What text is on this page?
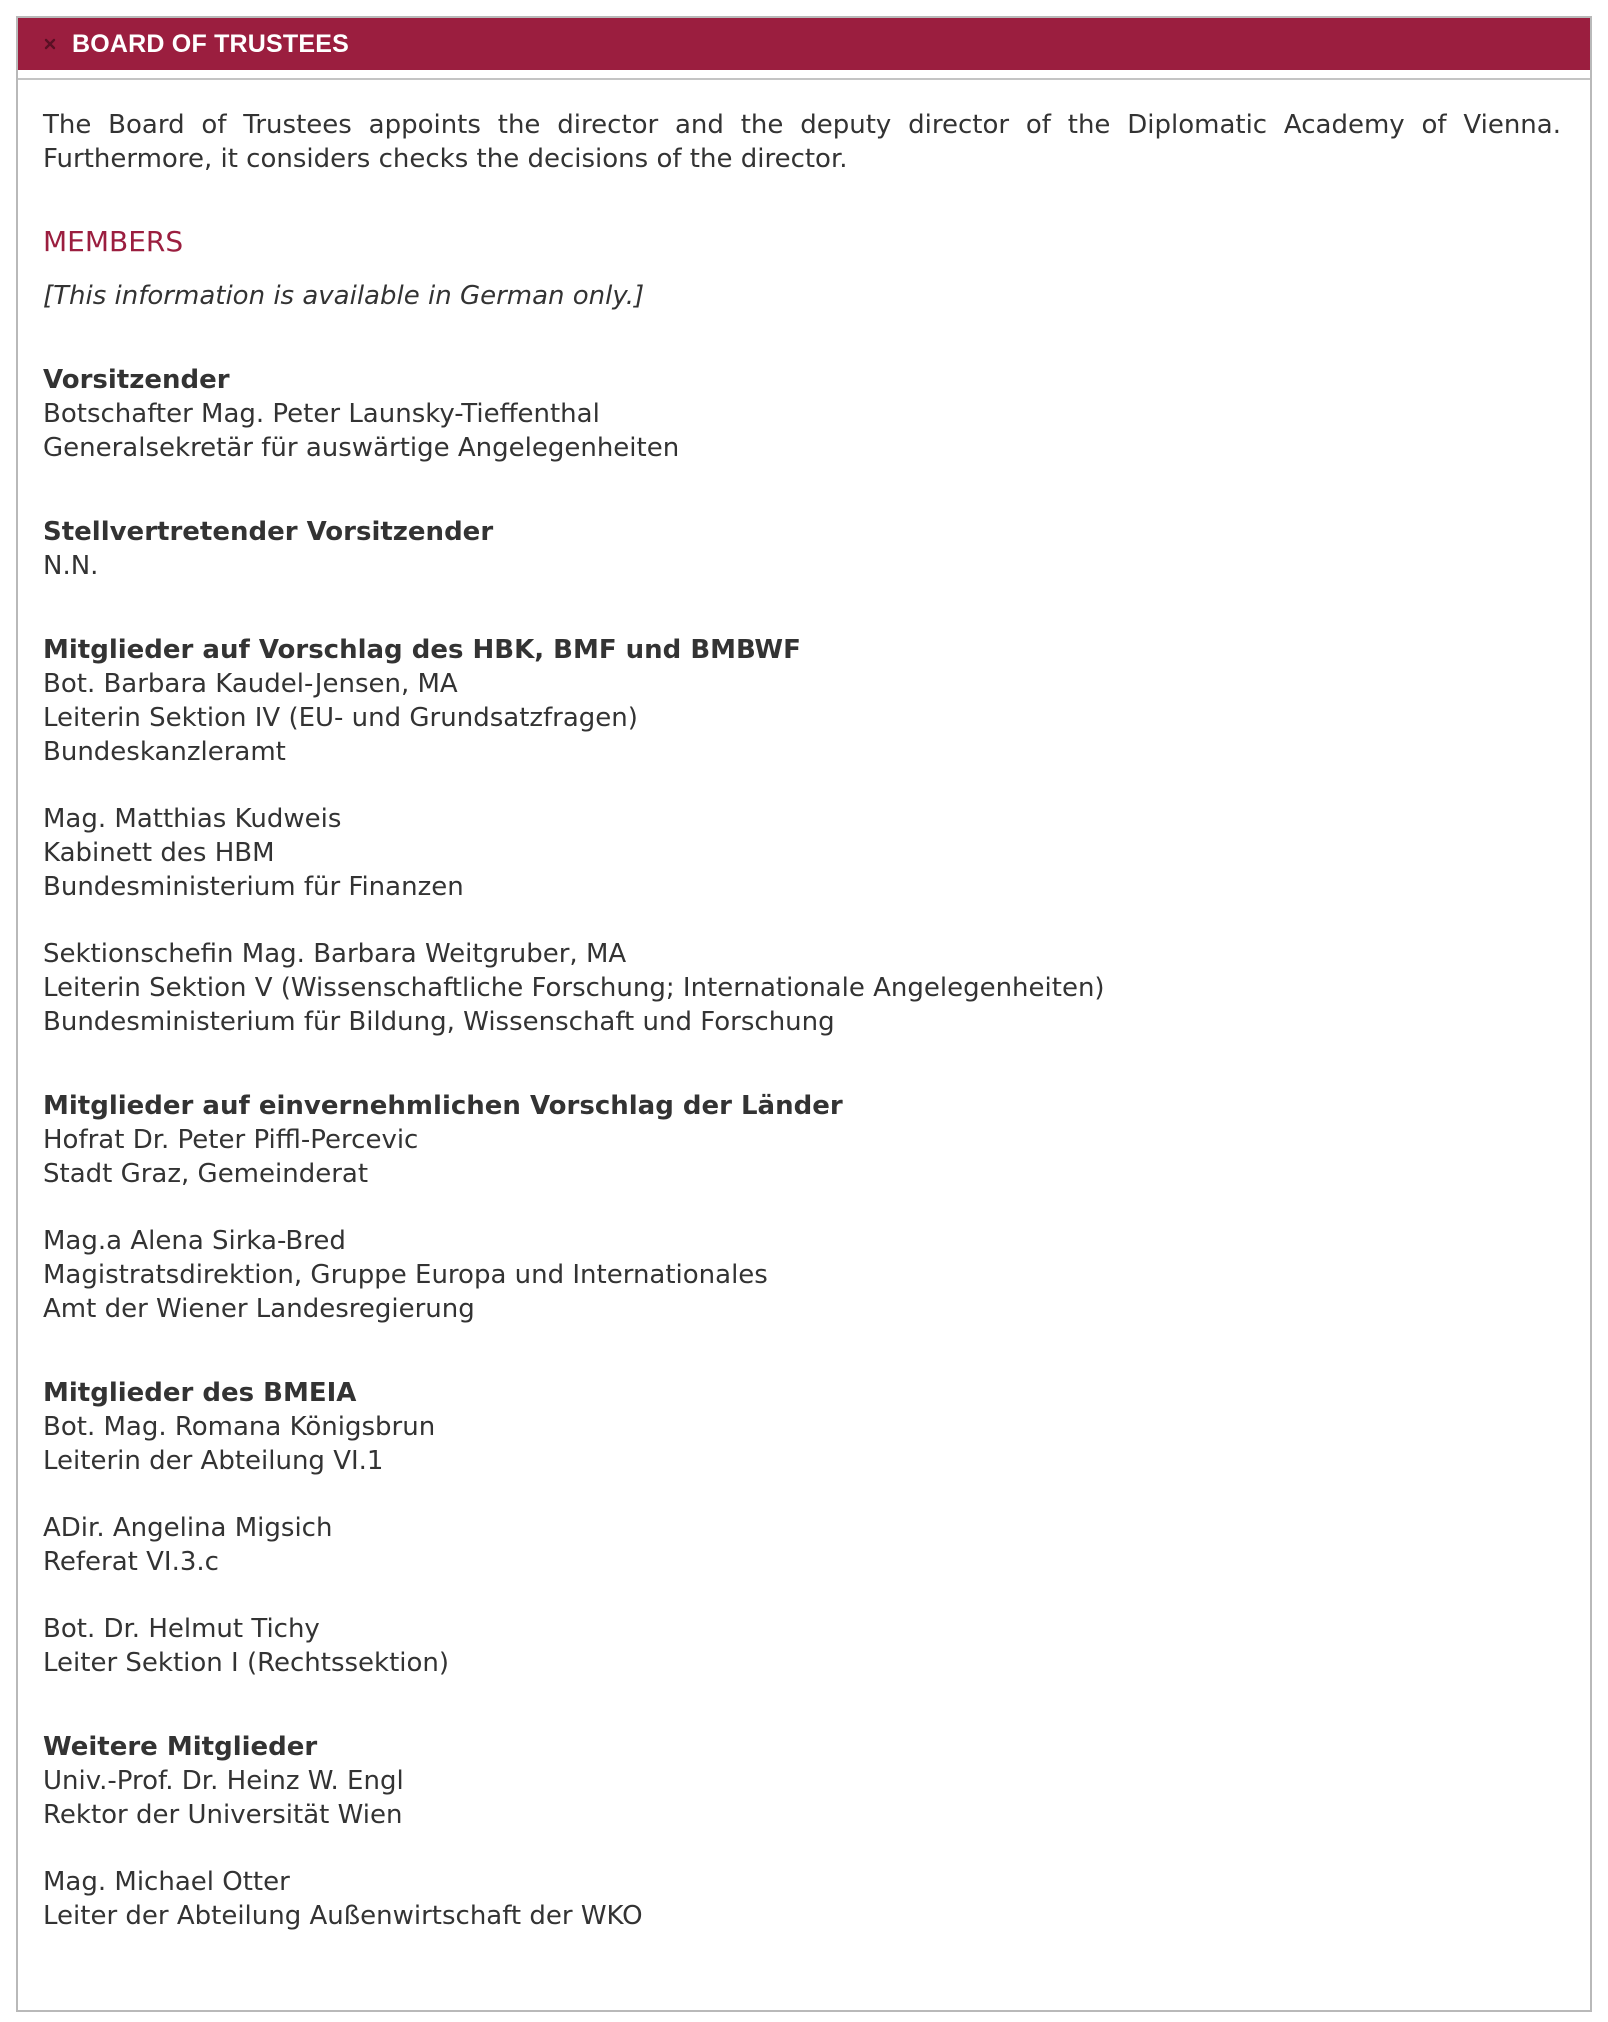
BOARD OF TRUSTEES

The Board of Trustees appoints the director and the deputy director of the Diplomatic Academy of Vienna. Furthermore, it considers checks the decisions of the director.

MEMBERS

[This information is available in German only.]

Vorsitzender
Botschafter Mag. Peter Launsky-Tieffenthal
Generalsekretär für auswärtige Angelegenheiten
Stellvertretender Vorsitzender
N.N.
Mitglieder auf Vorschlag des HBK, BMF und BMBWF
Bot. Barbara Kaudel-Jensen, MA
Leiterin Sektion IV (EU- und Grundsatzfragen)
Bundeskanzleramt
Mag. Matthias Kudweis
Kabinett des HBM
Bundesministerium für Finanzen
Sektionschefin Mag. Barbara Weitgruber, MA
Leiterin Sektion V (Wissenschaftliche Forschung; Internationale Angelegenheiten)
Bundesministerium für Bildung, Wissenschaft und Forschung
Mitglieder auf einvernehmlichen Vorschlag der Länder
Hofrat Dr. Peter Piffl-Percevic
Stadt Graz, Gemeinderat
Mag.a Alena Sirka-Bred
Magistratsdirektion, Gruppe Europa und Internationales
Amt der Wiener Landesregierung
Mitglieder des BMEIA
Bot. Mag. Romana Königsbrun
Leiterin der Abteilung VI.1
ADir. Angelina Migsich
Referat VI.3.c
Bot. Dr. Helmut Tichy
Leiter Sektion I (Rechtssektion)
Weitere Mitglieder
Univ.-Prof. Dr. Heinz W. Engl
Rektor der Universität Wien
Mag. Michael Otter
Leiter der Abteilung Außenwirtschaft der WKO
